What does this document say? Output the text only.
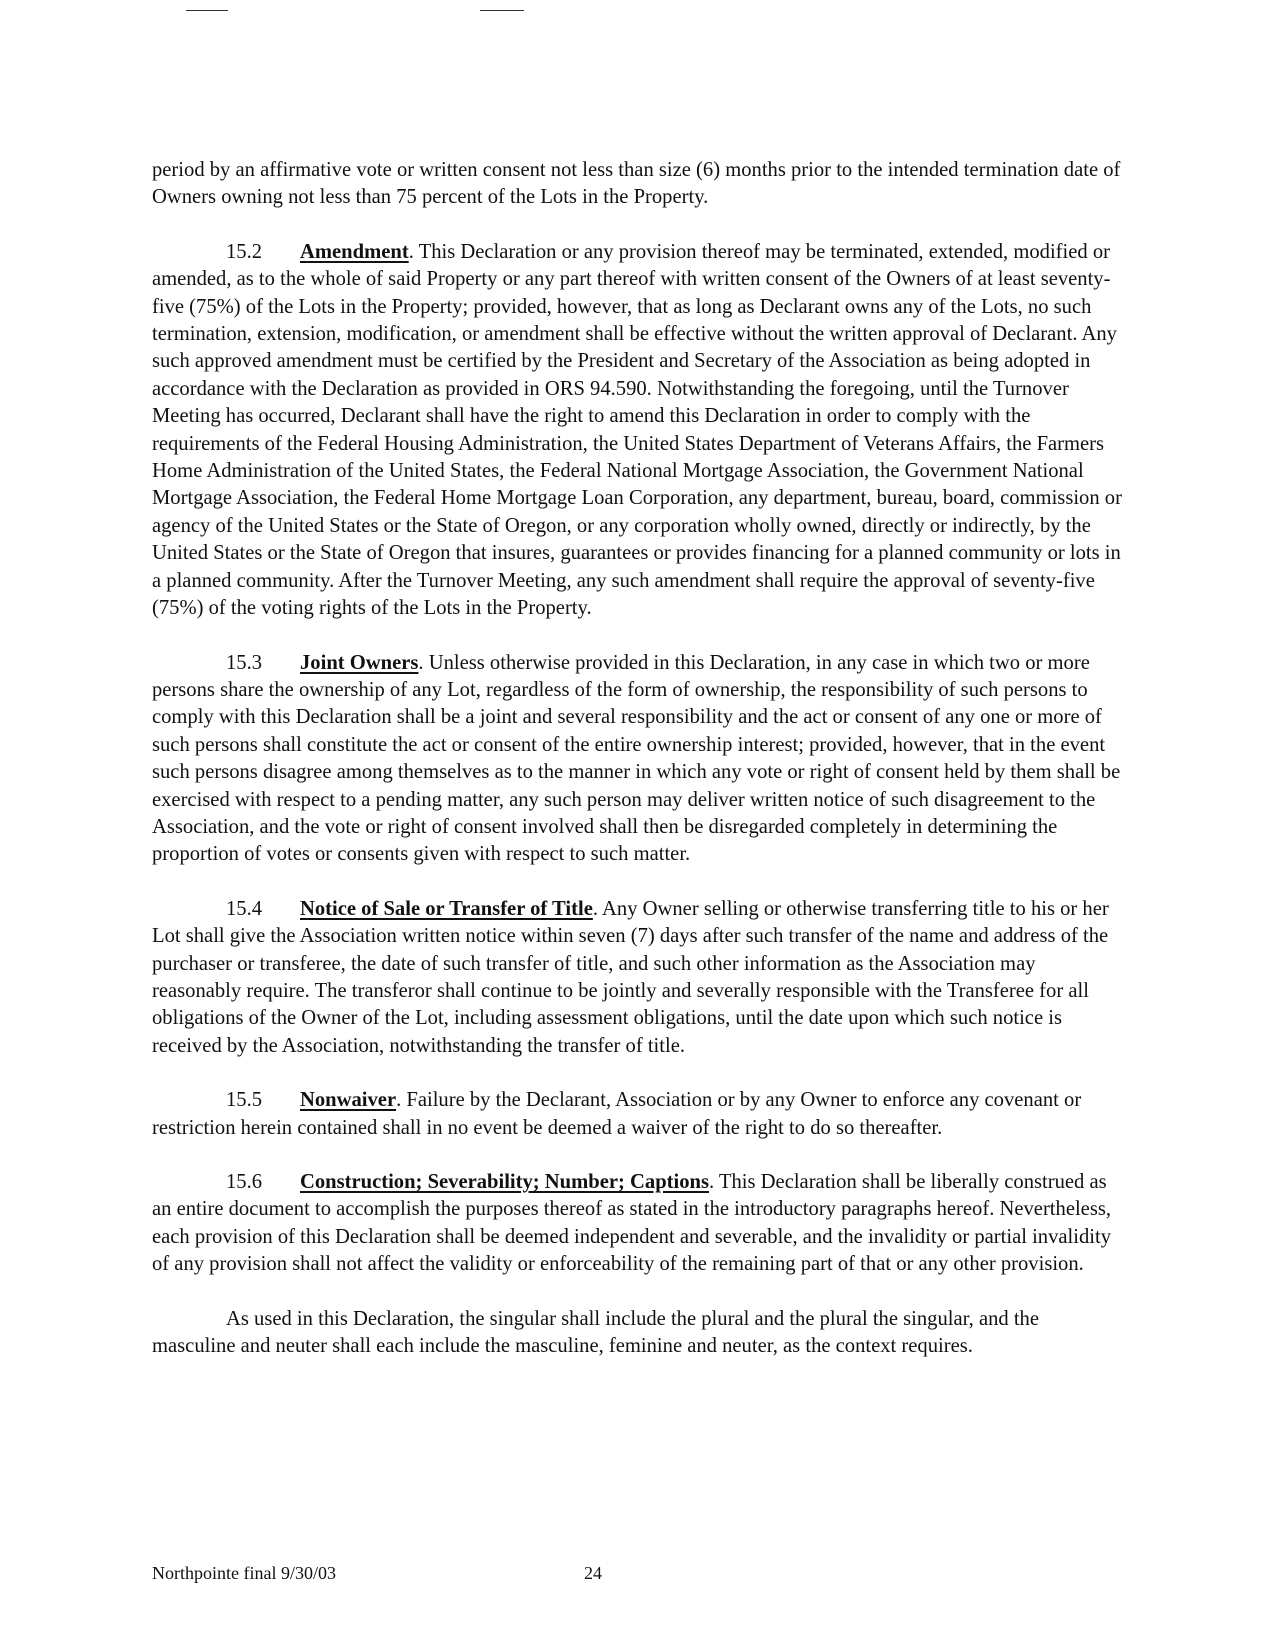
period by an affirmative vote or written consent not less than size (6) months prior to the intended termination date of Owners owning not less than 75 percent of the Lots in the Property.

15.2 Amendment. This Declaration or any provision thereof may be terminated, extended, modified or amended, as to the whole of said Property or any part thereof with written consent of the Owners of at least seventy-five (75%) of the Lots in the Property; provided, however, that as long as Declarant owns any of the Lots, no such termination, extension, modification, or amendment shall be effective without the written approval of Declarant. Any such approved amendment must be certified by the President and Secretary of the Association as being adopted in accordance with the Declaration as provided in ORS 94.590. Notwithstanding the foregoing, until the Turnover Meeting has occurred, Declarant shall have the right to amend this Declaration in order to comply with the requirements of the Federal Housing Administration, the United States Department of Veterans Affairs, the Farmers Home Administration of the United States, the Federal National Mortgage Association, the Government National Mortgage Association, the Federal Home Mortgage Loan Corporation, any department, bureau, board, commission or agency of the United States or the State of Oregon, or any corporation wholly owned, directly or indirectly, by the United States or the State of Oregon that insures, guarantees or provides financing for a planned community or lots in a planned community. After the Turnover Meeting, any such amendment shall require the approval of seventy-five (75%) of the voting rights of the Lots in the Property.

15.3 Joint Owners. Unless otherwise provided in this Declaration, in any case in which two or more persons share the ownership of any Lot, regardless of the form of ownership, the responsibility of such persons to comply with this Declaration shall be a joint and several responsibility and the act or consent of any one or more of such persons shall constitute the act or consent of the entire ownership interest; provided, however, that in the event such persons disagree among themselves as to the manner in which any vote or right of consent held by them shall be exercised with respect to a pending matter, any such person may deliver written notice of such disagreement to the Association, and the vote or right of consent involved shall then be disregarded completely in determining the proportion of votes or consents given with respect to such matter.

15.4 Notice of Sale or Transfer of Title. Any Owner selling or otherwise transferring title to his or her Lot shall give the Association written notice within seven (7) days after such transfer of the name and address of the purchaser or transferee, the date of such transfer of title, and such other information as the Association may reasonably require. The transferor shall continue to be jointly and severally responsible with the Transferee for all obligations of the Owner of the Lot, including assessment obligations, until the date upon which such notice is received by the Association, notwithstanding the transfer of title.

15.5 Nonwaiver. Failure by the Declarant, Association or by any Owner to enforce any covenant or restriction herein contained shall in no event be deemed a waiver of the right to do so thereafter.

15.6 Construction; Severability; Number; Captions. This Declaration shall be liberally construed as an entire document to accomplish the purposes thereof as stated in the introductory paragraphs hereof. Nevertheless, each provision of this Declaration shall be deemed independent and severable, and the invalidity or partial invalidity of any provision shall not affect the validity or enforceability of the remaining part of that or any other provision.

As used in this Declaration, the singular shall include the plural and the plural the singular, and the masculine and neuter shall each include the masculine, feminine and neuter, as the context requires.

Northpointe final 9/30/03	24
